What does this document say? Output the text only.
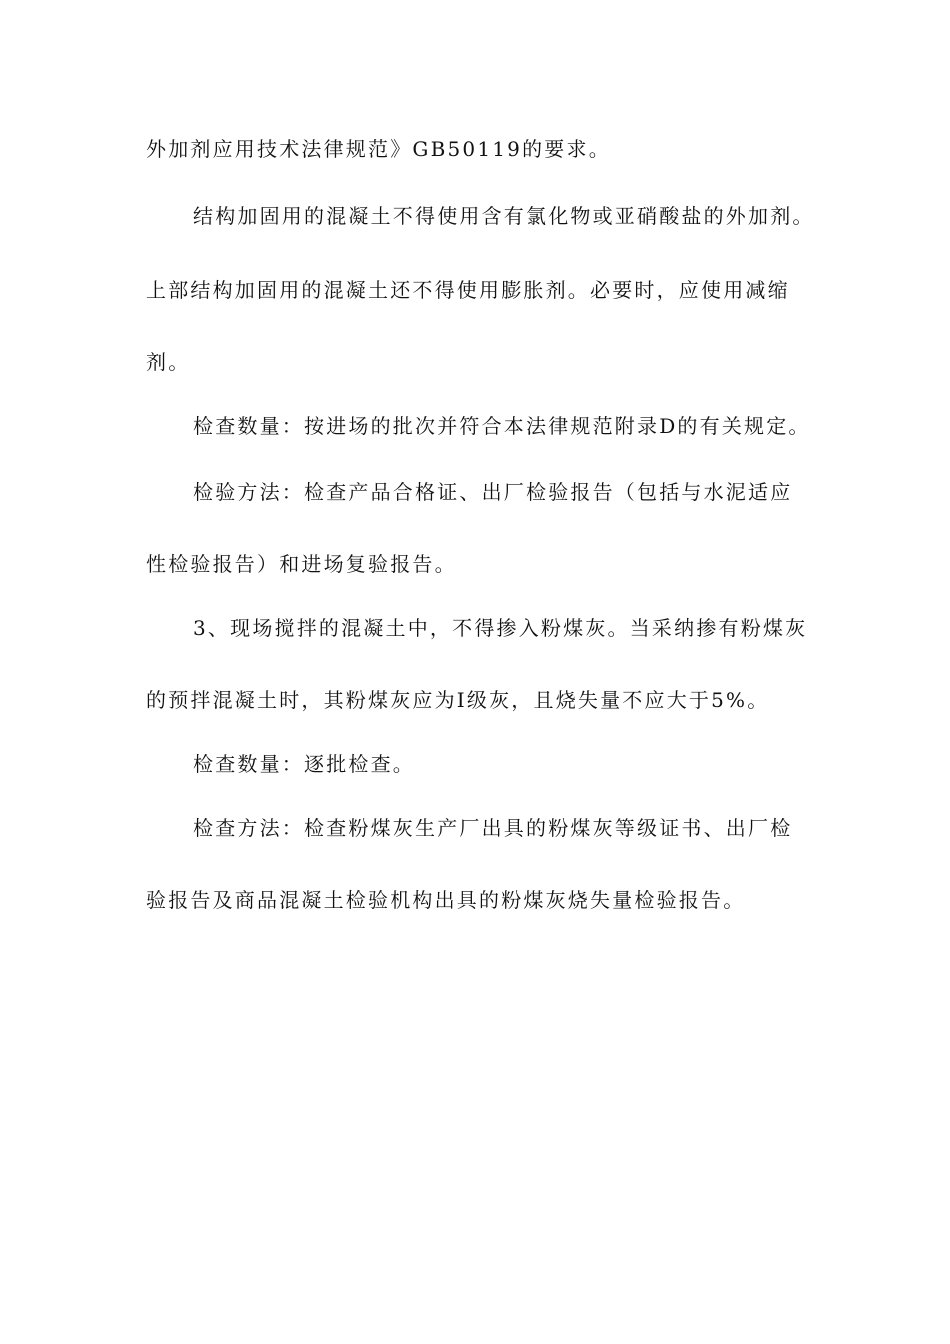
外加剂应用技术法律规范》GB50119的要求。

结构加固用的混凝土不得使用含有氯化物或亚硝酸盐的外加剂。

上部结构加固用的混凝土还不得使用膨胀剂。必要时，应使用减缩

剂。

检查数量：按进场的批次并符合本法律规范附录D的有关规定。

检验方法：检查产品合格证、出厂检验报告（包括与水泥适应

性检验报告）和进场复验报告。

3、现场搅拌的混凝土中，不得掺入粉煤灰。当采纳掺有粉煤灰

的预拌混凝土时，其粉煤灰应为I级灰，且烧失量不应大于5%。

检查数量：逐批检查。

检查方法：检查粉煤灰生产厂出具的粉煤灰等级证书、出厂检

验报告及商品混凝土检验机构出具的粉煤灰烧失量检验报告。
